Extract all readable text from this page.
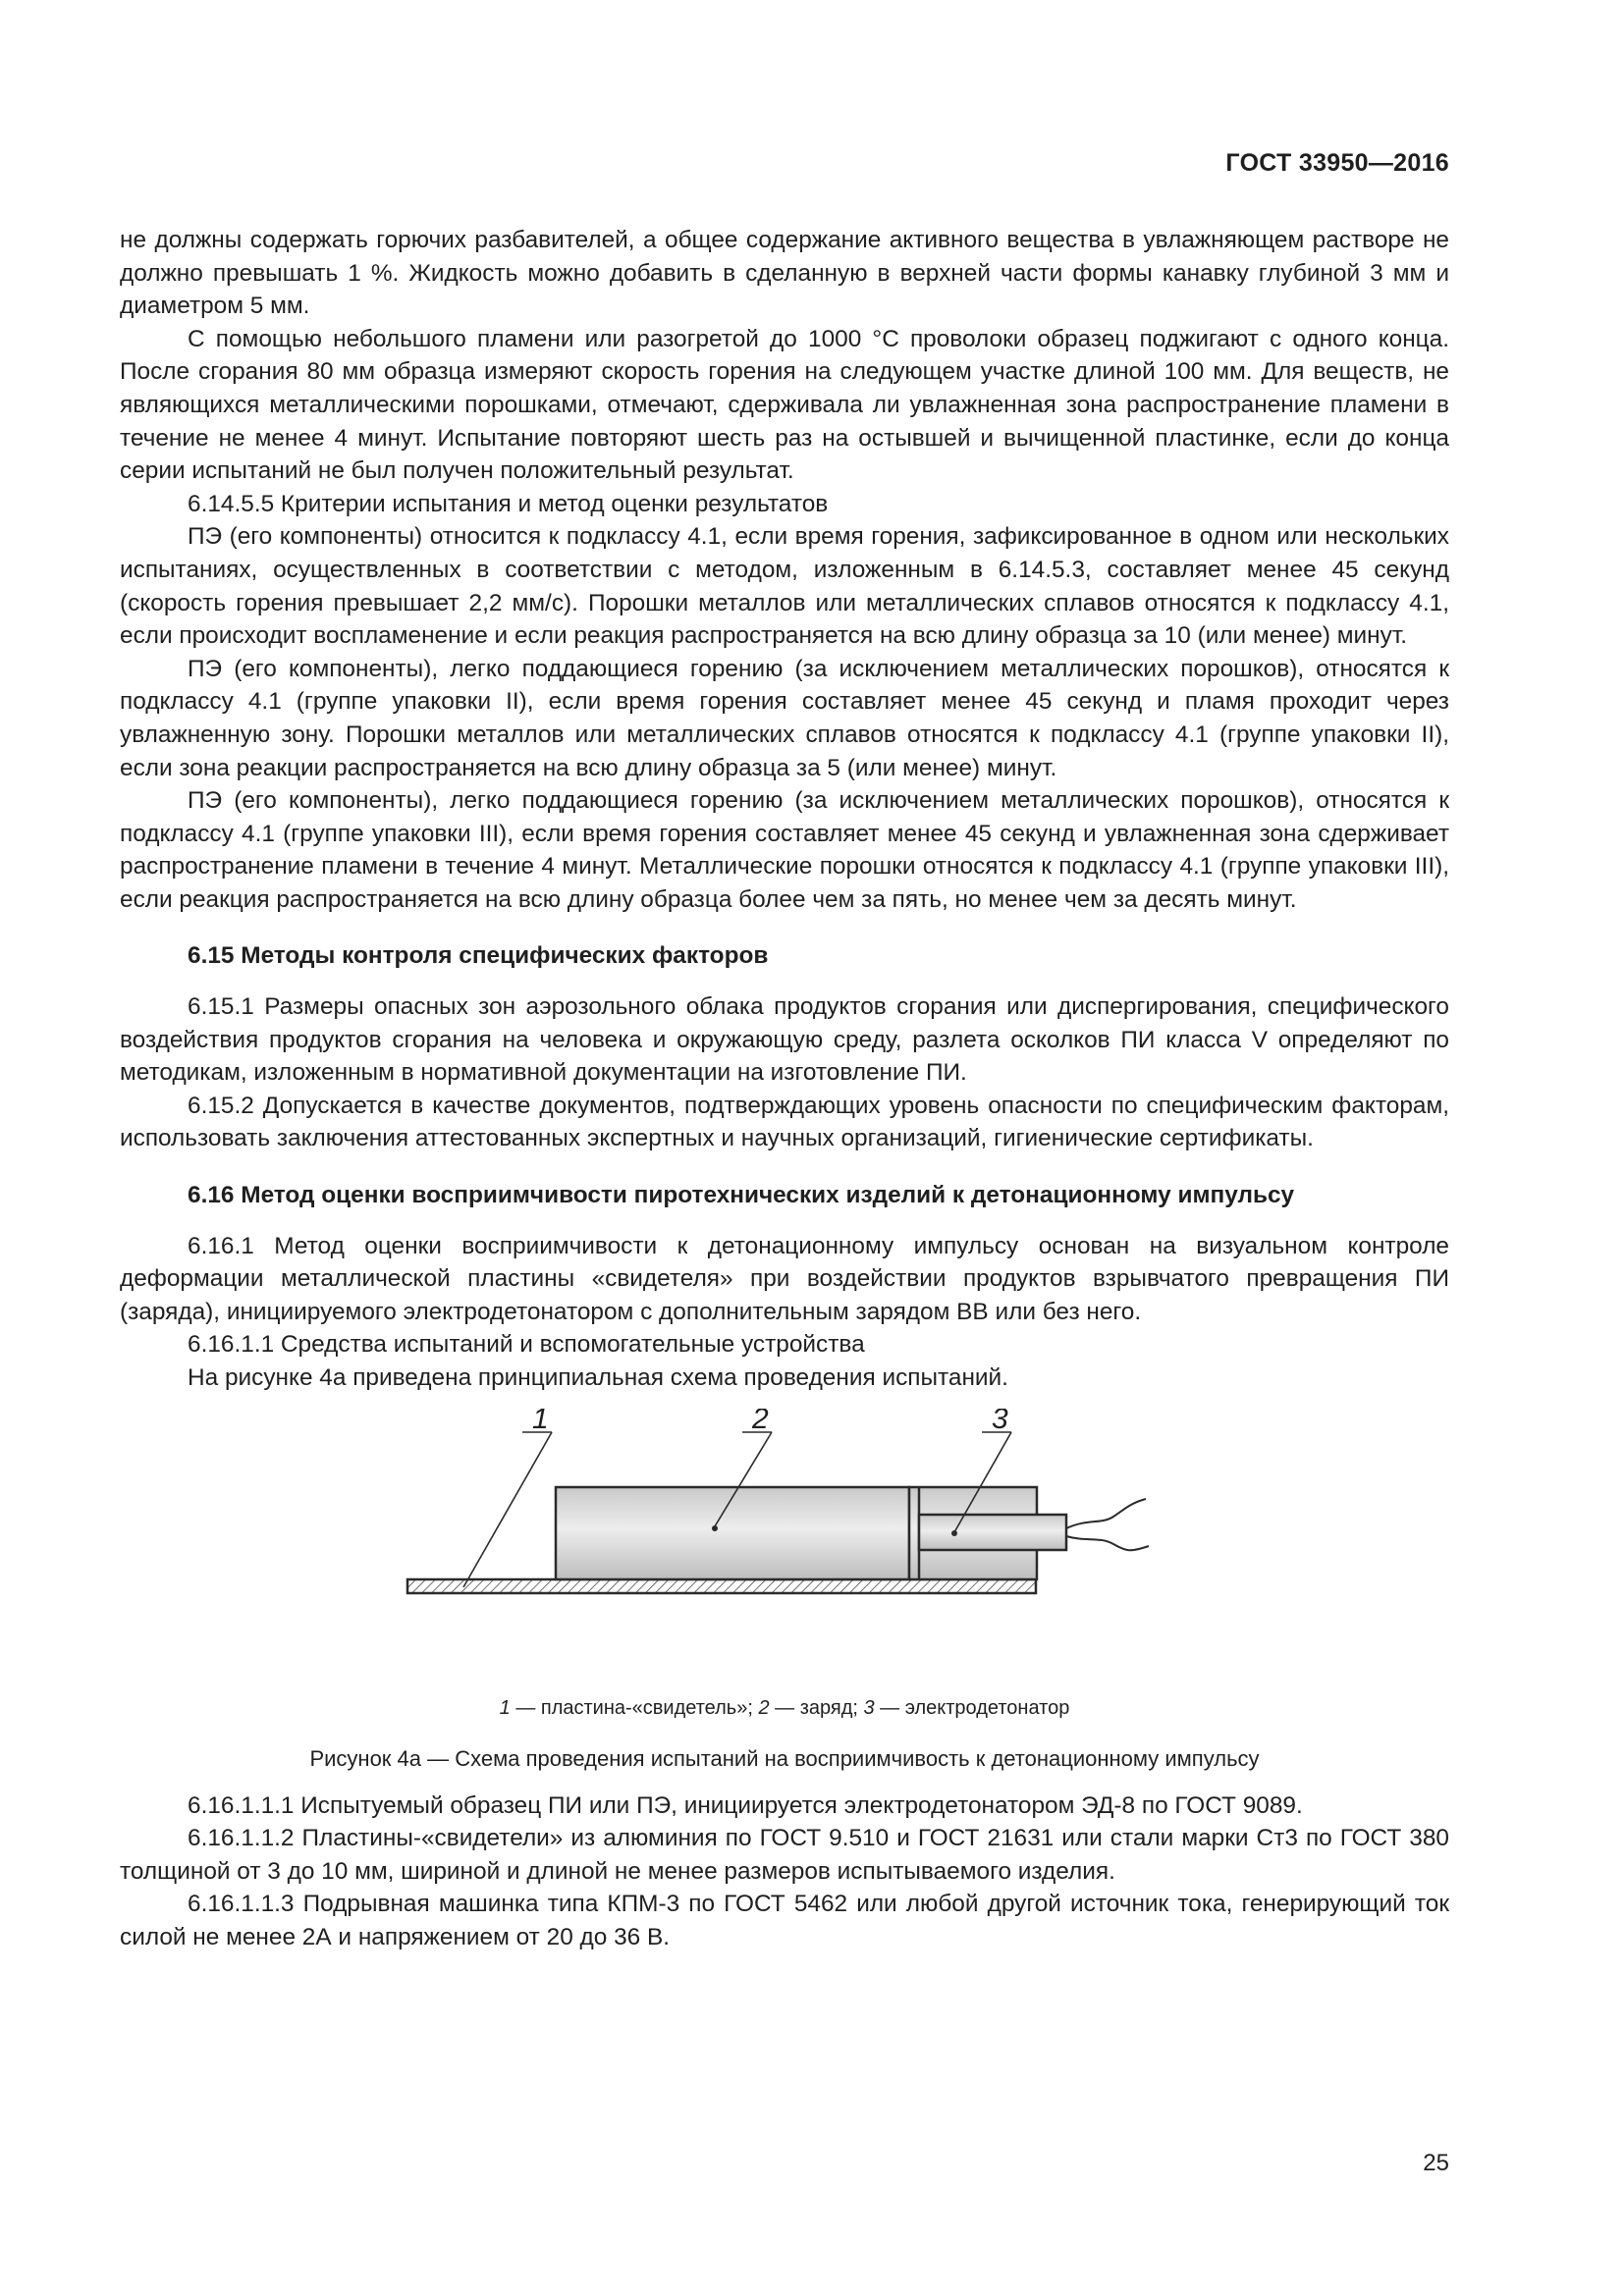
ГОСТ 33950—2016

не должны содержать горючих разбавителей, а общее содержание активного вещества в увлажняющем растворе не должно превышать 1 %. Жидкость можно добавить в сделанную в верхней части формы канавку глубиной 3 мм и диаметром 5 мм.

С помощью небольшого пламени или разогретой до 1000 °C проволоки образец поджигают с одного конца. После сгорания 80 мм образца измеряют скорость горения на следующем участке длиной 100 мм. Для веществ, не являющихся металлическими порошками, отмечают, сдерживала ли увлажненная зона распространение пламени в течение не менее 4 минут. Испытание повторяют шесть раз на остывшей и вычищенной пластинке, если до конца серии испытаний не был получен положительный результат.

6.14.5.5 Критерии испытания и метод оценки результатов

ПЭ (его компоненты) относится к подклассу 4.1, если время горения, зафиксированное в одном или нескольких испытаниях, осуществленных в соответствии с методом, изложенным в 6.14.5.3, составляет менее 45 секунд (скорость горения превышает 2,2 мм/с). Порошки металлов или металлических сплавов относятся к подклассу 4.1, если происходит воспламенение и если реакция распространяется на всю длину образца за 10 (или менее) минут.

ПЭ (его компоненты), легко поддающиеся горению (за исключением металлических порошков), относятся к подклассу 4.1 (группе упаковки II), если время горения составляет менее 45 секунд и пламя проходит через увлажненную зону. Порошки металлов или металлических сплавов относятся к подклассу 4.1 (группе упаковки II), если зона реакции распространяется на всю длину образца за 5 (или менее) минут.

ПЭ (его компоненты), легко поддающиеся горению (за исключением металлических порошков), относятся к подклассу 4.1 (группе упаковки III), если время горения составляет менее 45 секунд и увлажненная зона сдерживает распространение пламени в течение 4 минут. Металлические порошки относятся к подклассу 4.1 (группе упаковки III), если реакция распространяется на всю длину образца более чем за пять, но менее чем за десять минут.

6.15 Методы контроля специфических факторов

6.15.1 Размеры опасных зон аэрозольного облака продуктов сгорания или диспергирования, специфического воздействия продуктов сгорания на человека и окружающую среду, разлета осколков ПИ класса V определяют по методикам, изложенным в нормативной документации на изготовление ПИ.

6.15.2 Допускается в качестве документов, подтверждающих уровень опасности по специфическим факторам, использовать заключения аттестованных экспертных и научных организаций, гигиенические сертификаты.

6.16 Метод оценки восприимчивости пиротехнических изделий к детонационному импульсу

6.16.1 Метод оценки восприимчивости к детонационному импульсу основан на визуальном контроле деформации металлической пластины «свидетеля» при воздействии продуктов взрывчатого превращения ПИ (заряда), инициируемого электродетонатором с дополнительным зарядом ВВ или без него.

6.16.1.1 Средства испытаний и вспомогательные устройства

На рисунке 4а приведена принципиальная схема проведения испытаний.

1	2	3
1 — пластина-«свидетель»; 2 — заряд; 3 — электродетонатор
Рисунок 4а — Схема проведения испытаний на восприимчивость к детонационному импульсу

6.16.1.1.1 Испытуемый образец ПИ или ПЭ, инициируется электродетонатором ЭД-8 по ГОСТ 9089.

6.16.1.1.2 Пластины-«свидетели» из алюминия по ГОСТ 9.510 и ГОСТ 21631 или стали марки Ст3 по ГОСТ 380 толщиной от 3 до 10 мм, шириной и длиной не менее размеров испытываемого изделия.

6.16.1.1.3 Подрывная машинка типа КПМ-3 по ГОСТ 5462 или любой другой источник тока, генерирующий ток силой не менее 2А и напряжением от 20 до 36 В.

25
